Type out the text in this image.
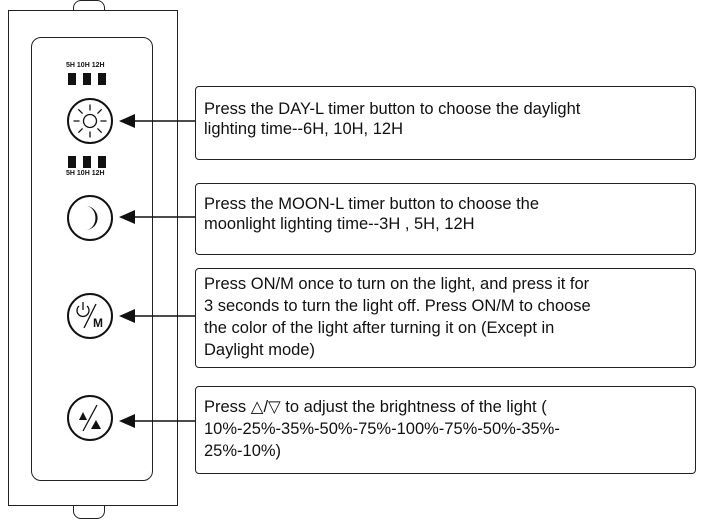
5H 10H 12H
5H 10H 12H
M
Press the DAY-L timer button to choose the daylight
lighting time--6H, 10H, 12H
Press the MOON-L timer button to choose the
moonlight lighting time--3H , 5H, 12H
Press ON/M once to turn on the light, and press it for
3 seconds to turn the light off. Press ON/M to choose
the color of the light after turning it on (Except in
Daylight mode)
Press △/▽ to adjust the brightness of the light (
10%-25%-35%-50%-75%-100%-75%-50%-35%-
25%-10%)
